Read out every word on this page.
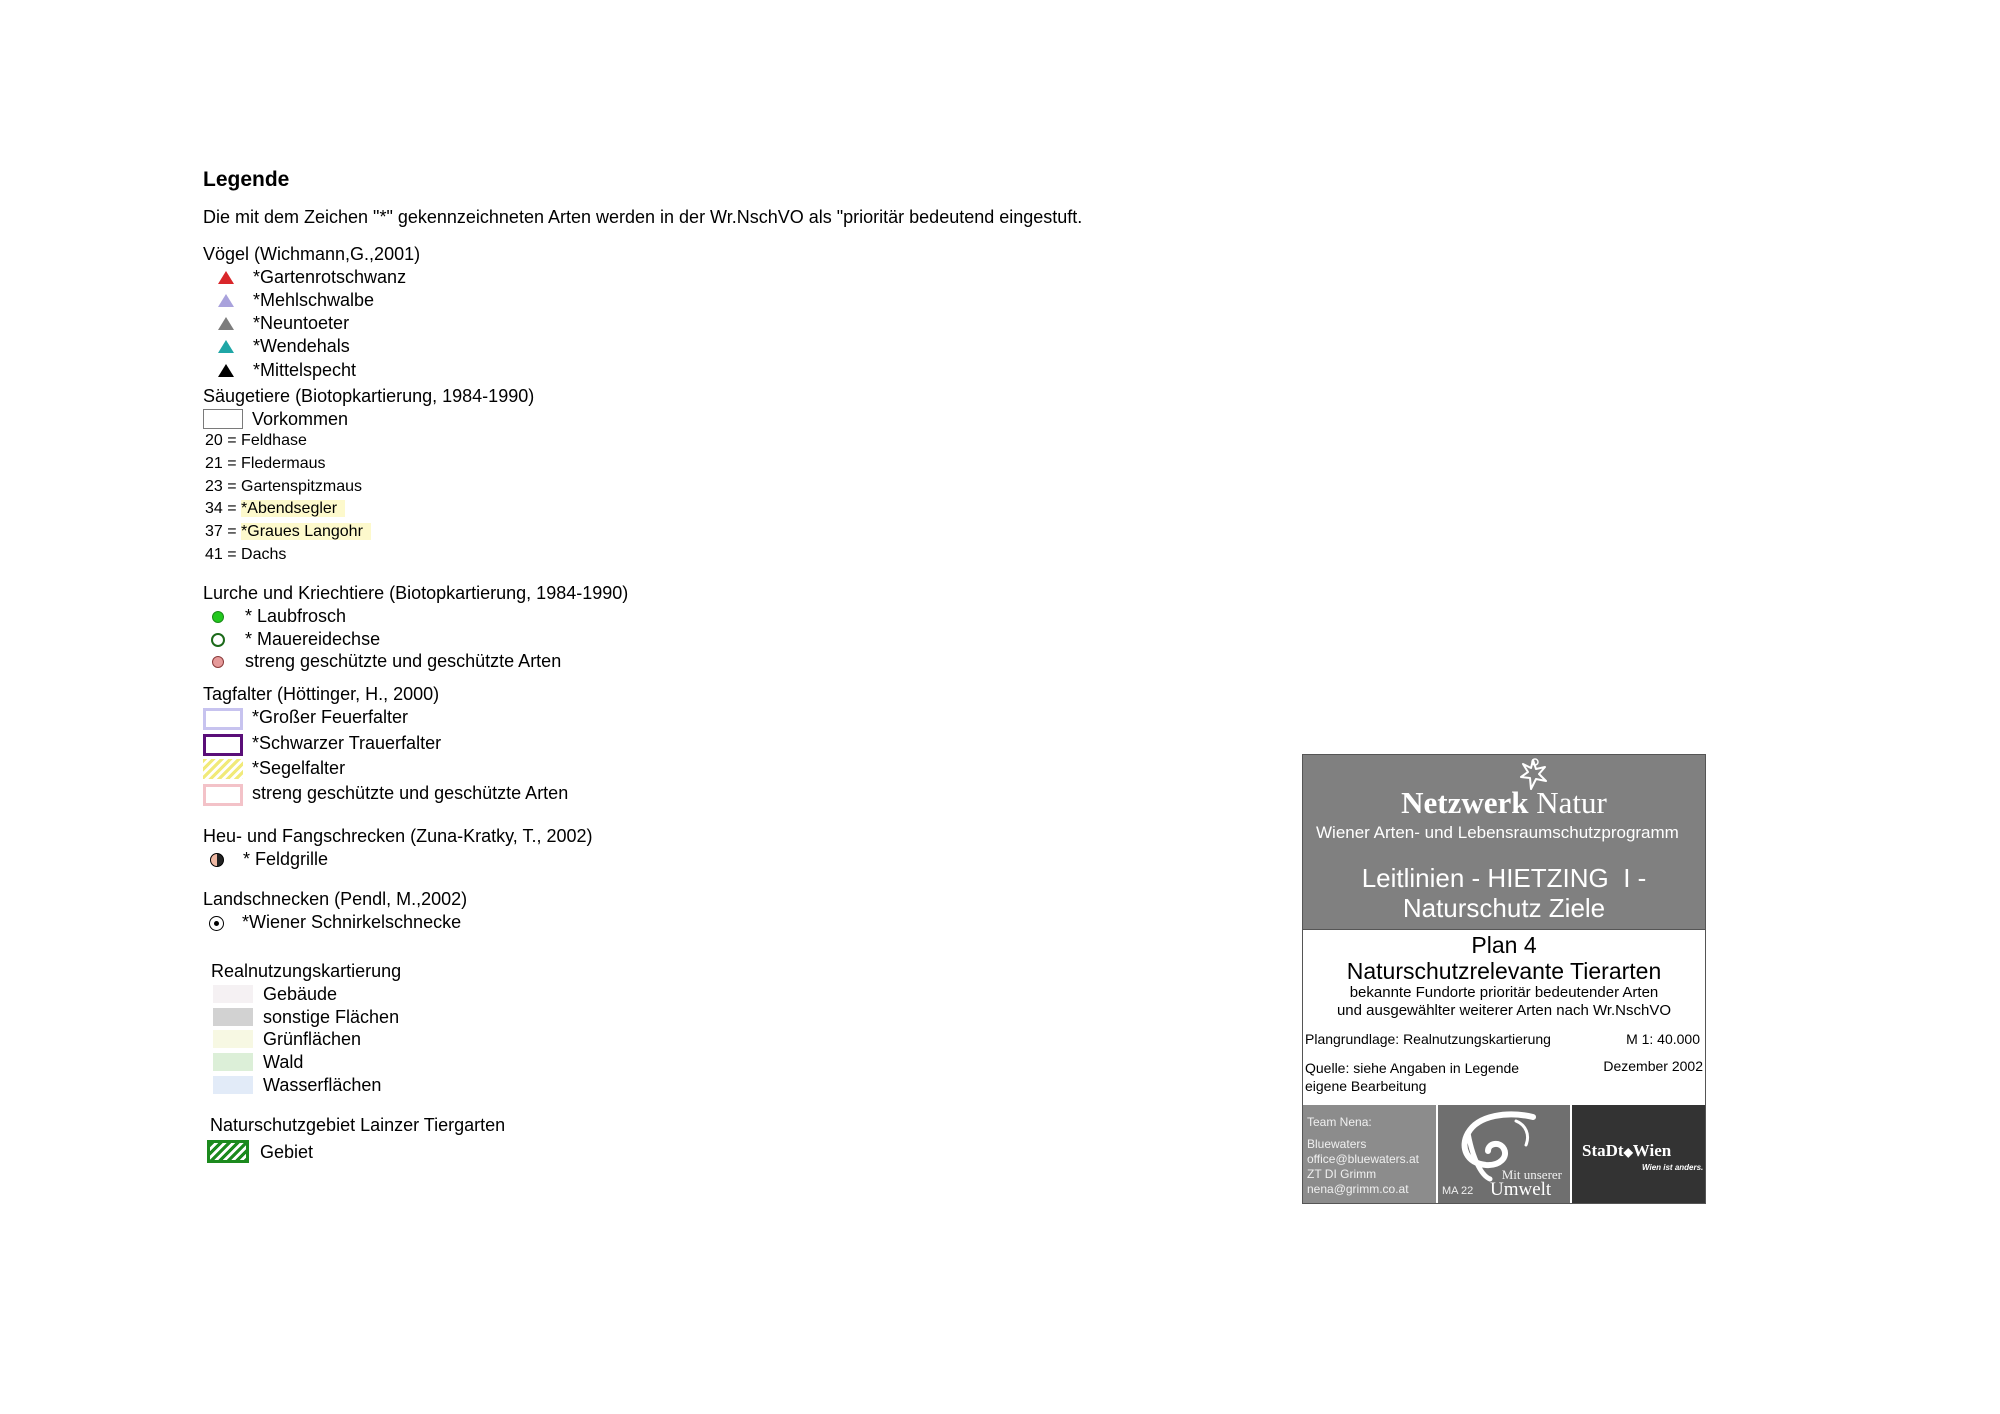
Legende
Die mit dem Zeichen "*" gekennzeichneten Arten werden in der Wr.NschVO als "prioritär bedeutend eingestuft.
Vögel (Wichmann,G.,2001)
*Gartenrotschwanz
*Mehlschwalbe
*Neuntoeter
*Wendehals
*Mittelspecht
Säugetiere (Biotopkartierung, 1984-1990)
Vorkommen
20 = Feldhase
21 = Fledermaus
23 = Gartenspitzmaus
34 = *Abendsegler
37 = *Graues Langohr
41 = Dachs
Lurche und Kriechtiere (Biotopkartierung, 1984-1990)
* Laubfrosch
* Mauereidechse
streng geschützte und geschützte Arten
Tagfalter (Höttinger, H., 2000)
*Großer Feuerfalter
*Schwarzer Trauerfalter
*Segelfalter
streng geschützte und geschützte Arten
Heu- und Fangschrecken (Zuna-Kratky, T., 2002)
* Feldgrille
Landschnecken (Pendl, M.,2002)
*Wiener Schnirkelschnecke
Realnutzungskartierung
Gebäude
sonstige Flächen
Grünflächen
Wald
Wasserflächen
Naturschutzgebiet Lainzer Tiergarten
Gebiet
Netzwerk Natur
Wiener Arten- und Lebensraumschutzprogramm
Leitlinien - HIETZING  I -
Naturschutz Ziele
Plan 4
Naturschutzrelevante Tierarten
bekannte Fundorte prioritär bedeutender Arten
und ausgewählter weiterer Arten nach Wr.NschVO
Plangrundlage: Realnutzungskartierung	M 1: 40.000
Quelle: siehe Angaben in Legende	Dezember 2002
eigene Bearbeitung
Team Nena:
Bluewaters
office@bluewaters.at
ZT DI Grimm
nena@grimm.co.at
Mit unserer
MA 22 Umwelt
StaDt◆Wien
Wien ist anders.
